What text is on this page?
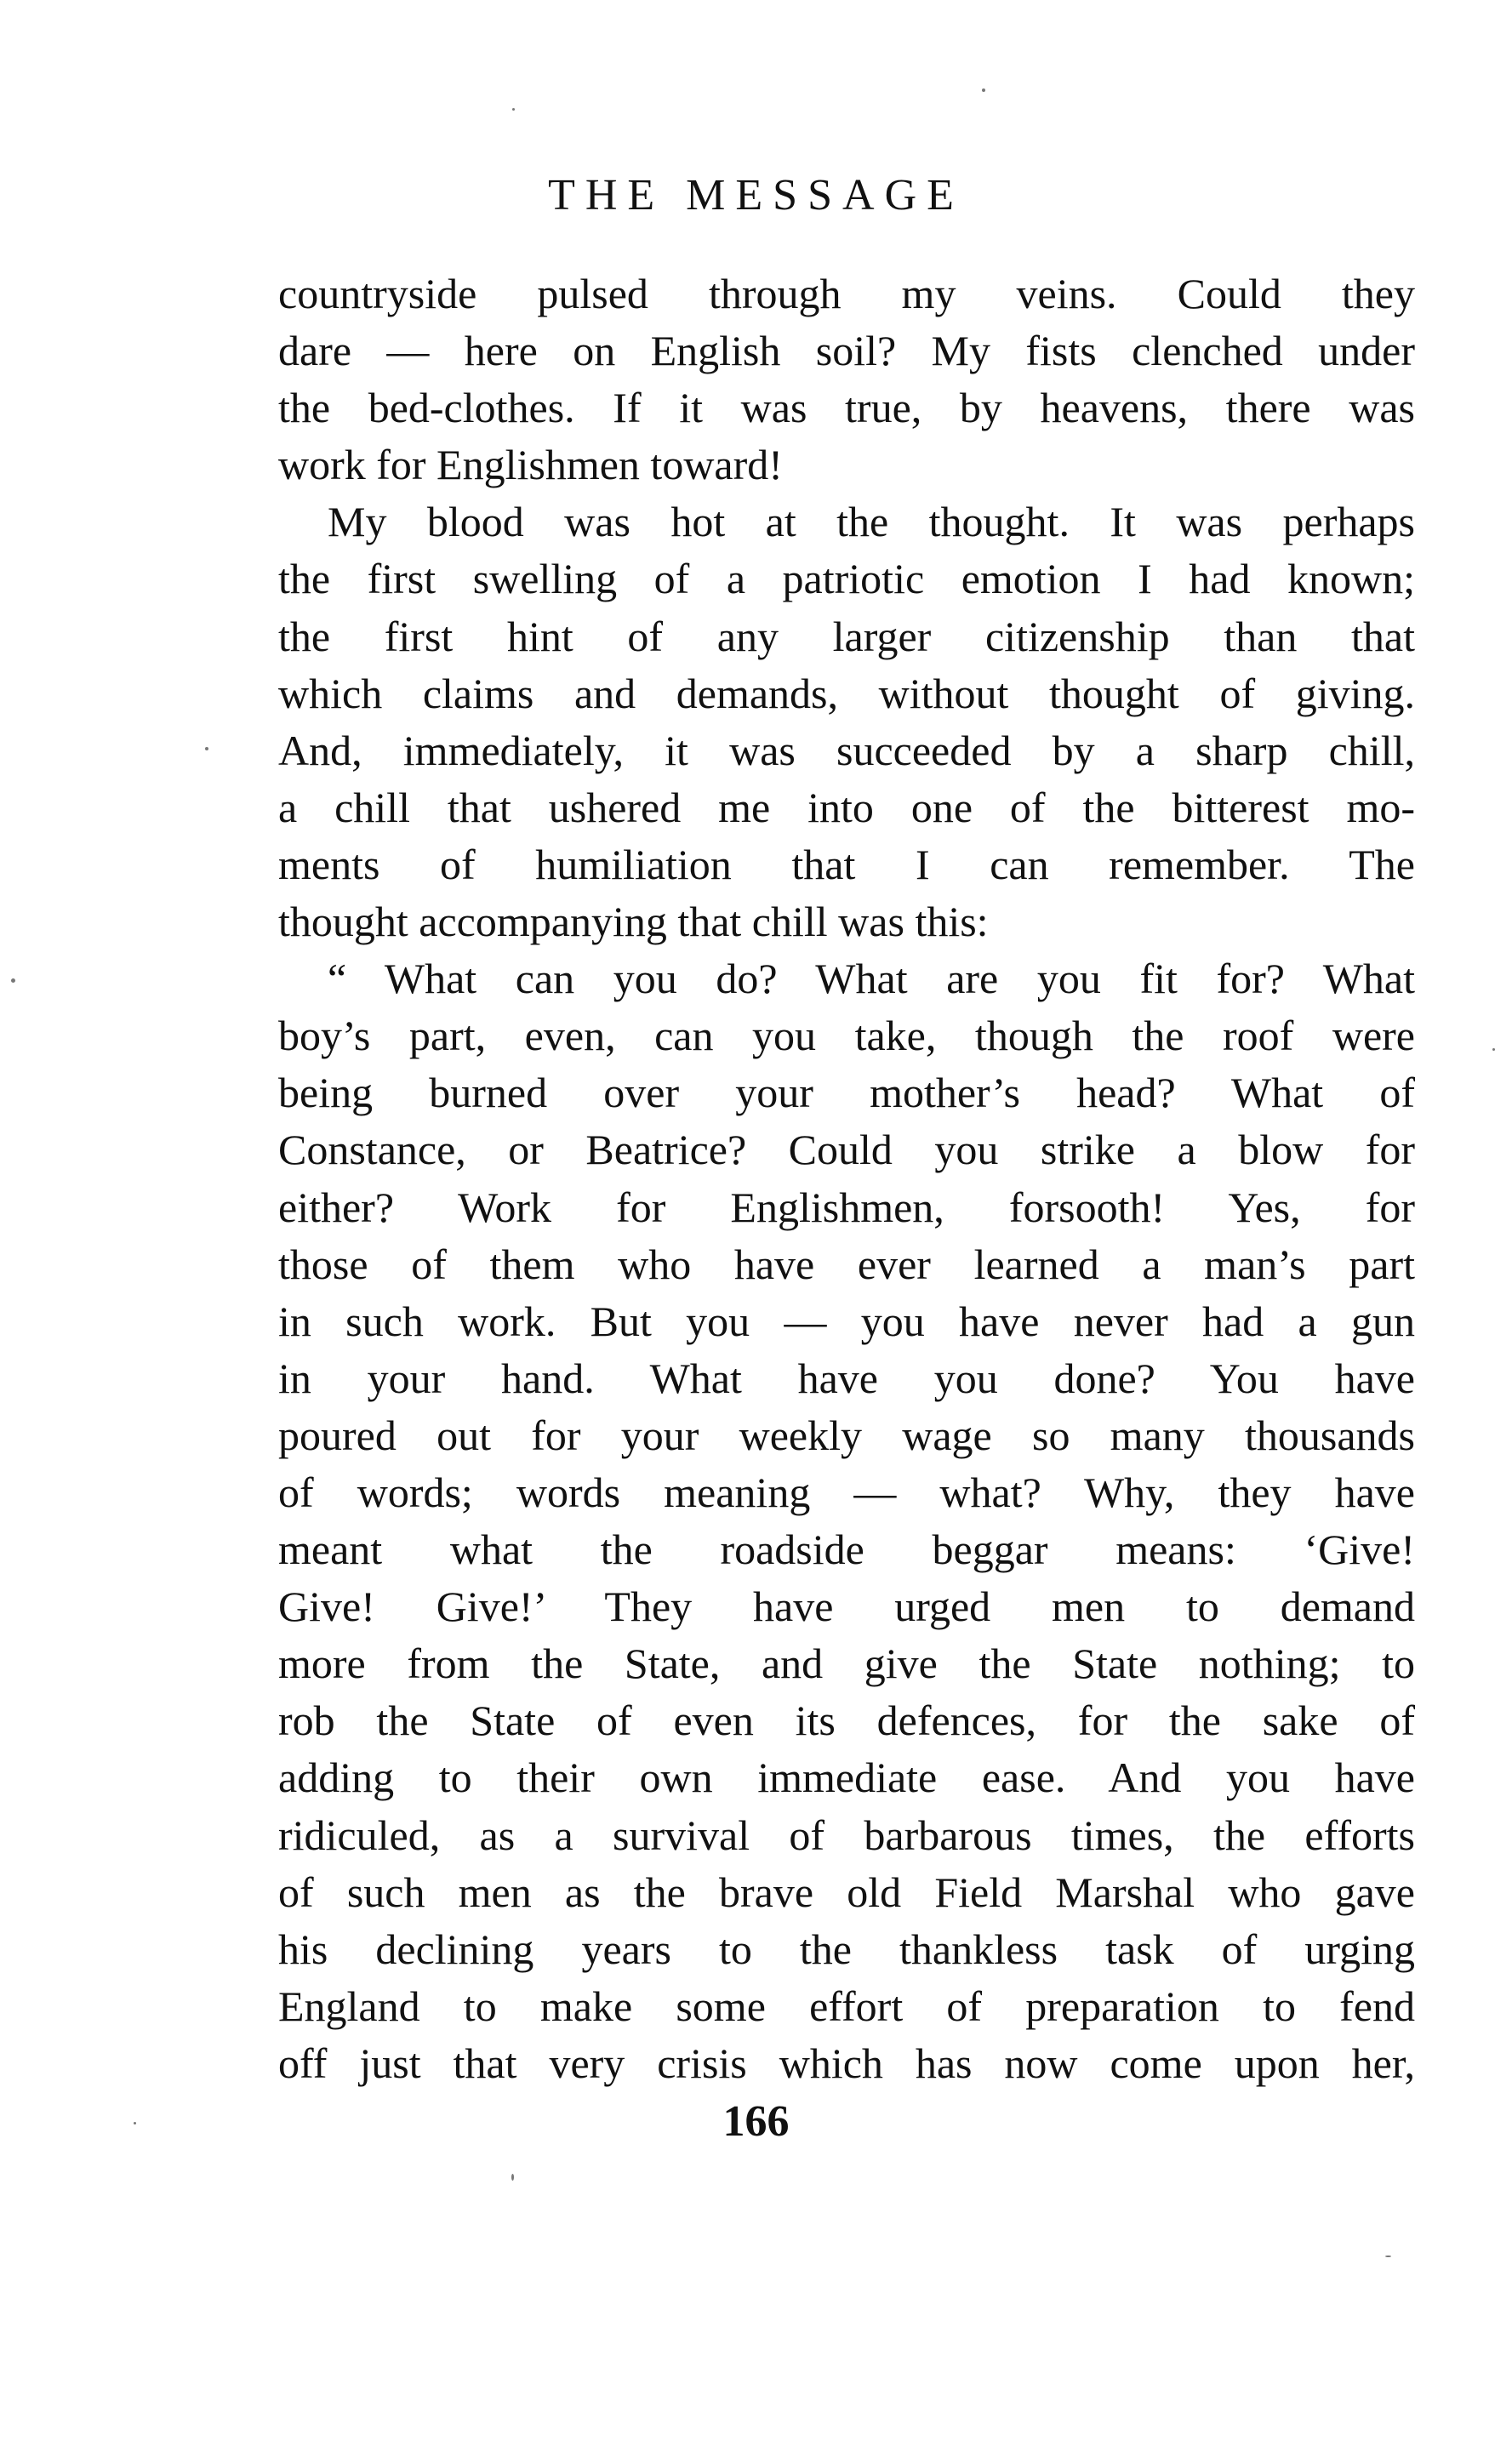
THE MESSAGE
countryside pulsed through my veins. Could they
dare — here on English soil? My fists clenched under
the bed-clothes. If it was true, by heavens, there was
work for Englishmen toward!
My blood was hot at the thought. It was perhaps
the first swelling of a patriotic emotion I had known;
the first hint of any larger citizenship than that
which claims and demands, without thought of giving.
And, immediately, it was succeeded by a sharp chill,
a chill that ushered me into one of the bitterest mo-
ments of humiliation that I can remember. The
thought accompanying that chill was this:
“ What can you do? What are you fit for? What
boy’s part, even, can you take, though the roof were
being burned over your mother’s head? What of
Constance, or Beatrice? Could you strike a blow for
either? Work for Englishmen, forsooth! Yes, for
those of them who have ever learned a man’s part
in such work. But you — you have never had a gun
in your hand. What have you done? You have
poured out for your weekly wage so many thousands
of words; words meaning — what? Why, they have
meant what the roadside beggar means: ‘Give!
Give! Give!’ They have urged men to demand
more from the State, and give the State nothing; to
rob the State of even its defences, for the sake of
adding to their own immediate ease. And you have
ridiculed, as a survival of barbarous times, the efforts
of such men as the brave old Field Marshal who gave
his declining years to the thankless task of urging
England to make some effort of preparation to fend
off just that very crisis which has now come upon her,
166
